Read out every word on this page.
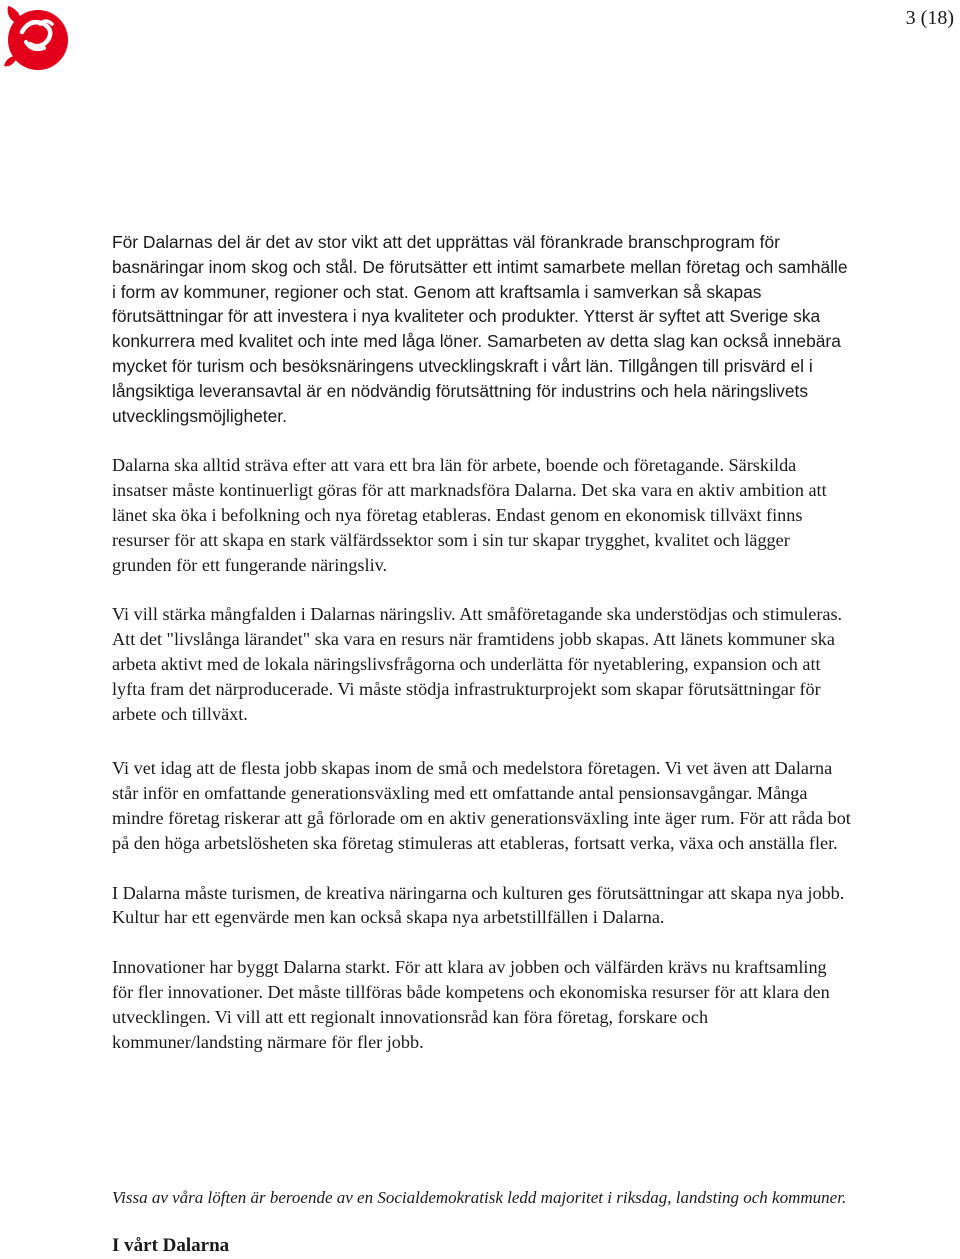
3 (18)

För Dalarnas del är det av stor vikt att det upprättas väl förankrade branschprogram för basnäringar inom skog och stål. De förutsätter ett intimt samarbete mellan företag och samhälle i form av kommuner, regioner och stat. Genom att kraftsamla i samverkan så skapas förutsättningar för att investera i nya kvaliteter och produkter. Ytterst är syftet att Sverige ska konkurrera med kvalitet och inte med låga löner. Samarbeten av detta slag kan också innebära mycket för turism och besöksnäringens utvecklingskraft i vårt län. Tillgången till prisvärd el i långsiktiga leveransavtal är en nödvändig förutsättning för industrins och hela näringslivets utvecklingsmöjligheter.

Dalarna ska alltid sträva efter att vara ett bra län för arbete, boende och företagande. Särskilda insatser måste kontinuerligt göras för att marknadsföra Dalarna. Det ska vara en aktiv ambition att länet ska öka i befolkning och nya företag etableras. Endast genom en ekonomisk tillväxt finns resurser för att skapa en stark välfärdssektor som i sin tur skapar trygghet, kvalitet och lägger grunden för ett fungerande näringsliv.

Vi vill stärka mångfalden i Dalarnas näringsliv. Att småföretagande ska understödjas och stimuleras. Att det "livslånga lärandet" ska vara en resurs när framtidens jobb skapas. Att länets kommuner ska arbeta aktivt med de lokala näringslivsfrågorna och underlätta för nyetablering, expansion och att lyfta fram det närproducerade. Vi måste stödja infrastrukturprojekt som skapar förutsättningar för arbete och tillväxt.

Vi vet idag att de flesta jobb skapas inom de små och medelstora företagen. Vi vet även att Dalarna står inför en omfattande generationsväxling med ett omfattande antal pensionsavgångar. Många mindre företag riskerar att gå förlorade om en aktiv generationsväxling inte äger rum. För att råda bot på den höga arbetslösheten ska företag stimuleras att etableras, fortsatt verka, växa och anställa fler.

I Dalarna måste turismen, de kreativa näringarna och kulturen ges förutsättningar att skapa nya jobb. Kultur har ett egenvärde men kan också skapa nya arbetstillfällen i Dalarna.

Innovationer har byggt Dalarna starkt. För att klara av jobben och välfärden krävs nu kraftsamling för fler innovationer. Det måste tillföras både kompetens och ekonomiska resurser för att klara den utvecklingen. Vi vill att ett regionalt innovationsråd kan föra företag, forskare och kommuner/landsting närmare för fler jobb.

Vissa av våra löften är beroende av en Socialdemokratisk ledd majoritet i riksdag, landsting och kommuner.
I vårt Dalarna
